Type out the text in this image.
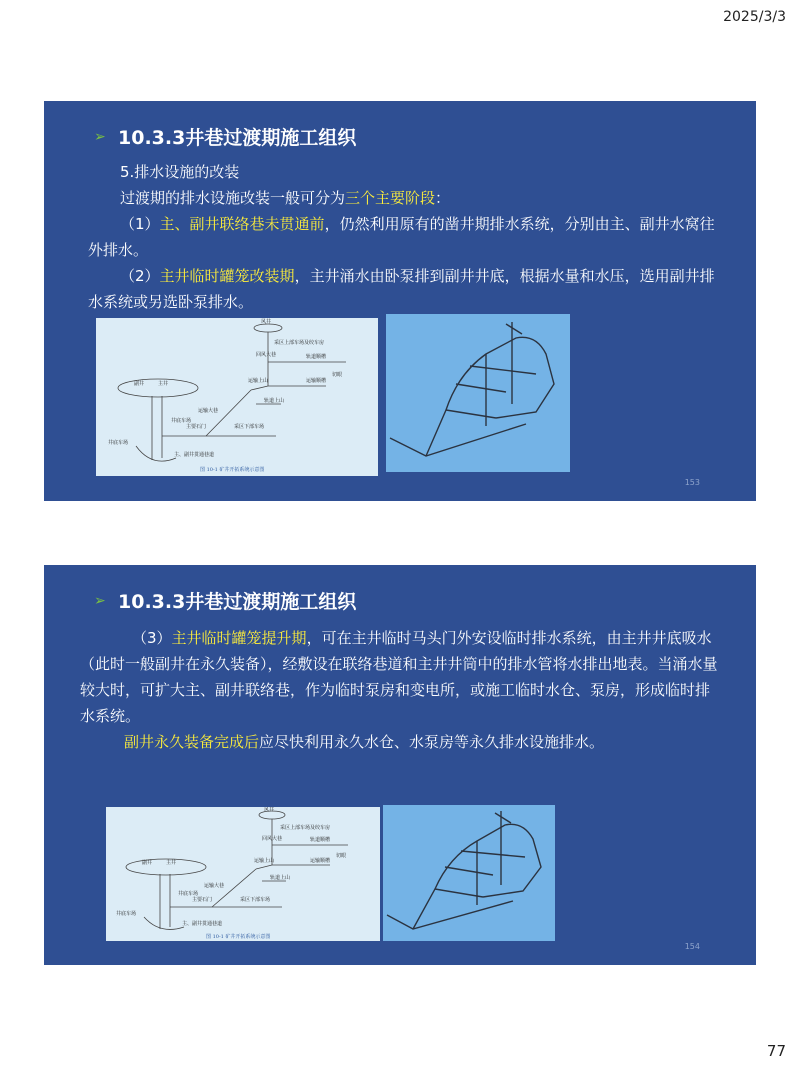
2025/3/3
➢ 10.3.3井巷过渡期施工组织

5.排水设施的改装

过渡期的排水设施改装一般可分为三个主要阶段：

（1）主、副井联络巷未贯通前，仍然利用原有的凿井期排水系统，分别由主、副井水窝往外排水。

（2）主井临时罐笼改装期，主井涌水由卧泵排到副井井底，根据水量和水压，选用副井排水系统或另选卧泵排水。

风井
采区上部车场及绞车房
回风大巷	轨道顺槽
副井	主井	运输上山	运输顺槽
切眼
运输大巷
轨道上山
井底车场
主要石门	采区下部车场
主、副井贯通巷道
井底车场
图 10-1 矿井开拓系统示意图
153
➢ 10.3.3井巷过渡期施工组织

（3）主井临时罐笼提升期，可在主井临时马头门外安设临时排水系统，由主井井底吸水（此时一般副井在永久装备），经敷设在联络巷道和主井井筒中的排水管将水排出地表。当涌水量较大时，可扩大主、副井联络巷，作为临时泵房和变电所，或施工临时水仓、泵房，形成临时排水系统。

副井永久装备完成后应尽快利用永久水仓、水泵房等永久排水设施排水。

风井
采区上部车场及绞车房
回风大巷	轨道顺槽
副井	主井	运输上山	运输顺槽
切眼
运输大巷
轨道上山
井底车场
主要石门	采区下部车场
主、副井贯通巷道
井底车场
图 10-1 矿井开拓系统示意图
154
77
